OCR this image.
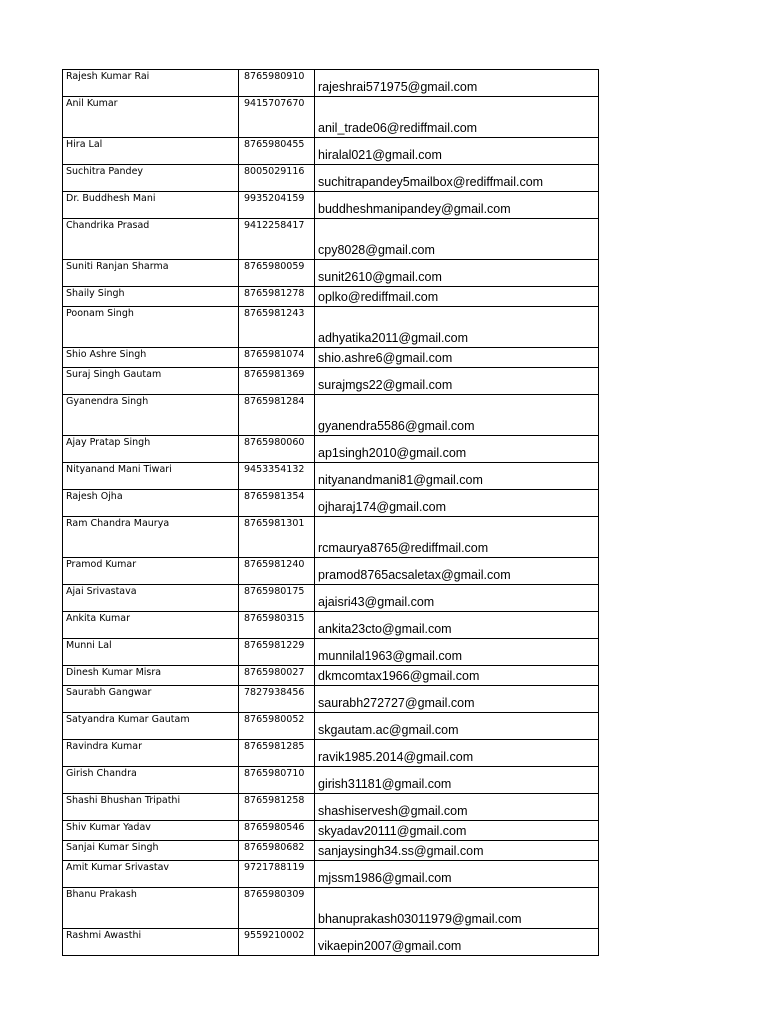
Rajesh Kumar Rai	8765980910	rajeshrai571975@gmail.com
Anil Kumar	9415707670	anil_trade06@rediffmail.com
Hira Lal	8765980455	hiralal021@gmail.com
Suchitra Pandey	8005029116	suchitrapandey5mailbox@rediffmail.com
Dr. Buddhesh Mani	9935204159	buddheshmanipandey@gmail.com
Chandrika Prasad	9412258417	cpy8028@gmail.com
Suniti Ranjan Sharma	8765980059	sunit2610@gmail.com
Shaily Singh	8765981278	oplko@rediffmail.com
Poonam Singh	8765981243	adhyatika2011@gmail.com
Shio Ashre Singh	8765981074	shio.ashre6@gmail.com
Suraj Singh Gautam	8765981369	surajmgs22@gmail.com
Gyanendra Singh	8765981284	gyanendra5586@gmail.com
Ajay Pratap Singh	8765980060	ap1singh2010@gmail.com
Nityanand Mani Tiwari	9453354132	nityanandmani81@gmail.com
Rajesh Ojha	8765981354	ojharaj174@gmail.com
Ram Chandra Maurya	8765981301	rcmaurya8765@rediffmail.com
Pramod Kumar	8765981240	pramod8765acsaletax@gmail.com
Ajai Srivastava	8765980175	ajaisri43@gmail.com
Ankita Kumar	8765980315	ankita23cto@gmail.com
Munni Lal	8765981229	munnilal1963@gmail.com
Dinesh Kumar Misra	8765980027	dkmcomtax1966@gmail.com
Saurabh Gangwar	7827938456	saurabh272727@gmail.com
Satyandra Kumar Gautam	8765980052	skgautam.ac@gmail.com
Ravindra Kumar	8765981285	ravik1985.2014@gmail.com
Girish Chandra	8765980710	girish31181@gmail.com
Shashi Bhushan Tripathi	8765981258	shashiservesh@gmail.com
Shiv Kumar Yadav	8765980546	skyadav20111@gmail.com
Sanjai Kumar Singh	8765980682	sanjaysingh34.ss@gmail.com
Amit Kumar Srivastav	9721788119	mjssm1986@gmail.com
Bhanu Prakash	8765980309	bhanuprakash03011979@gmail.com
Rashmi Awasthi	9559210002	vikaepin2007@gmail.com
